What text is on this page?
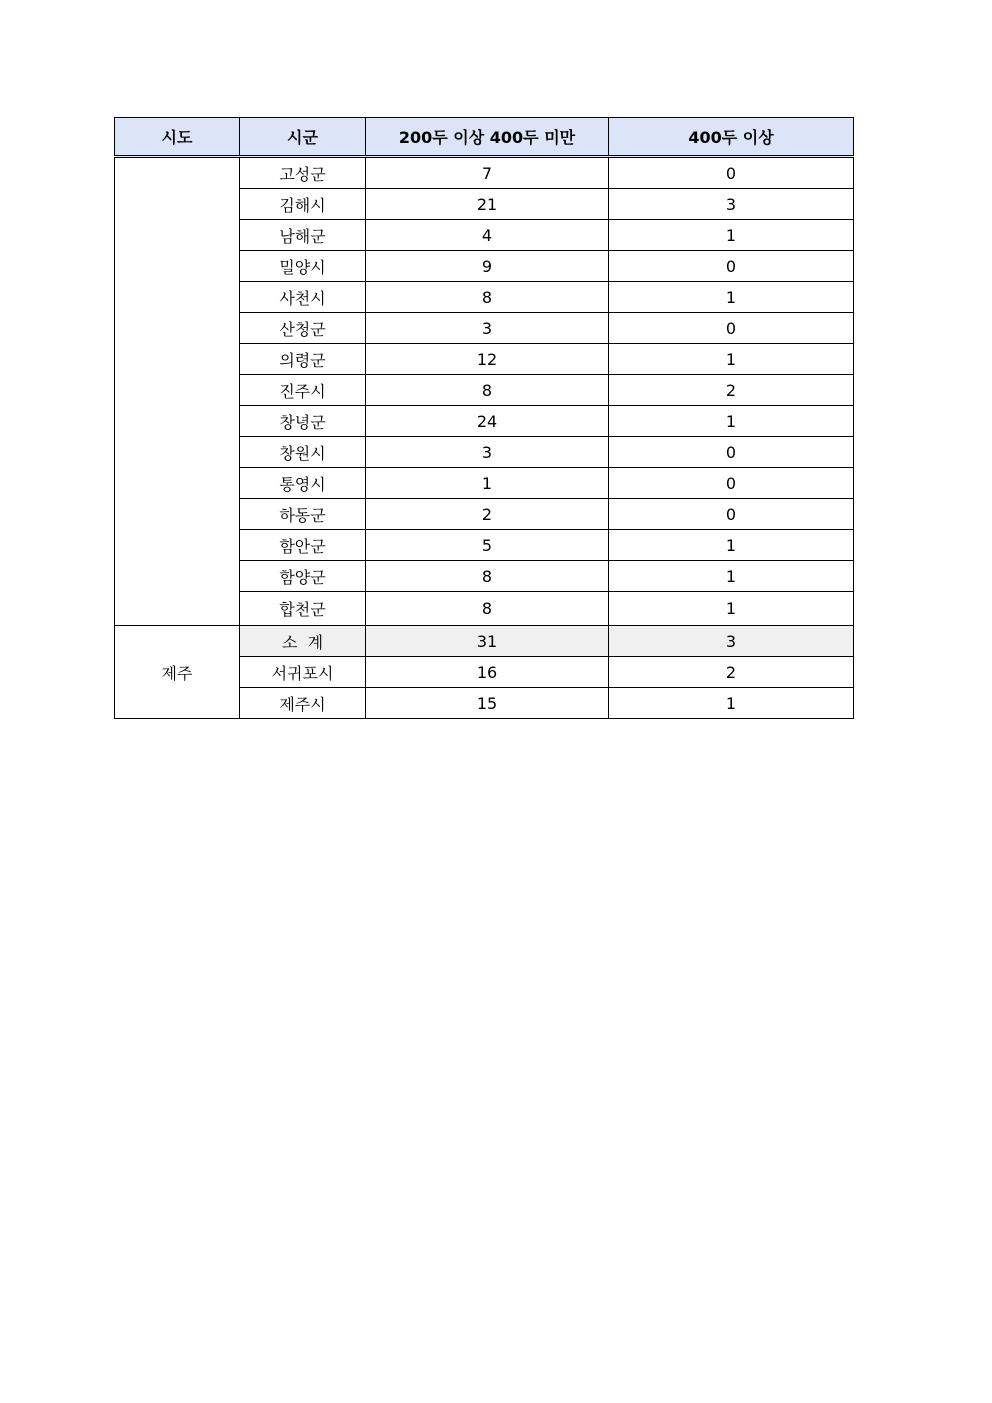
시도	시군	200두 이상 400두 미만	400두 이상
	고성군	7	0
	김해시	21	3
	남해군	4	1
	밀양시	9	0
	사천시	8	1
	산청군	3	0
	의령군	12	1
	진주시	8	2
	창녕군	24	1
	창원시	3	0
	통영시	1	0
	하동군	2	0
	함안군	5	1
	함양군	8	1
	합천군	8	1
제주	소  계	31	3
	서귀포시	16	2
	제주시	15	1
